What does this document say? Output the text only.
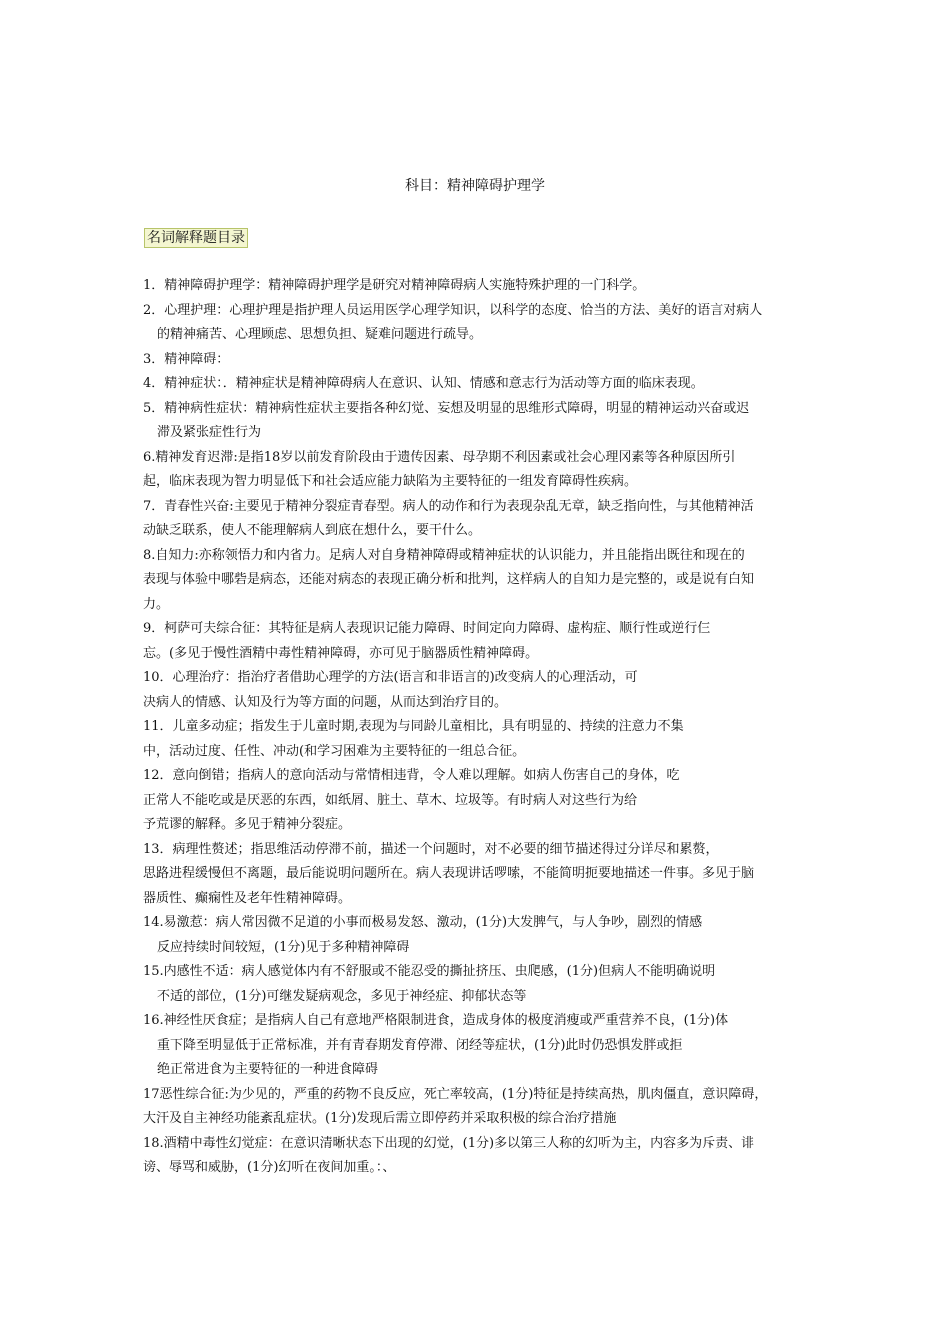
科目：精神障碍护理学
名词解释题目录
1．精神障碍护理学：精神障碍护理学是研究对精神障碍病人实施特殊护理的一门科学。
2．心理护理：心理护理是指护理人员运用医学心理学知识，以科学的态度、恰当的方法、美好的语言对病人
的精神痛苦、心理顾虑、思想负担、疑难问题进行疏导。
3．精神障碍：
4．精神症状：．精神症状是精神障碍病人在意识、认知、情感和意志行为活动等方面的临床表现。
5．精神病性症状：精神病性症状主要指各种幻觉、妄想及明显的思维形式障碍，明显的精神运动兴奋或迟
滞及紧张症性行为
6.精神发育迟滞:是指18岁以前发育阶段由于遗传因素、母孕期不利因素或社会心理冈素等各种原因所引
起，临床表现为智力明显低下和社会适应能力缺陷为主要特征的一组发育障碍性疾病。
7．青春性兴奋:主要见于精神分裂症青春型。病人的动作和行为表现杂乱无章，缺乏指向性，与其他精神活
动缺乏联系，使人不能理解病人到底在想什么，要干什么。
8.自知力:亦称领悟力和内省力。足病人对自身精神障碍或精神症状的认识能力，并且能指出既往和现在的
表现与体验中哪砦是病态，还能对病态的表现正确分析和批判，这样病人的自知力是完整的，或是说有白知
力。
9．柯萨可夫综合征：其特征是病人表现识记能力障碍、时间定向力障碍、虚构症、顺行性或逆行仨
忘。(多见于慢性酒精中毒性精神障碍，亦可见于脑器质性精神障碍。
10．心理治疗：指治疗者借助心理学的方法(语言和非语言的)改变病人的心理活动，可
决病人的情感、认知及行为等方面的问题，从而达到治疗目的。
11．儿童多动症；指发生于儿童时期,表现为与同龄儿童相比，具有明显的、持续的注意力不集
中，活动过度、任性、冲动(和学习困难为主要特征的一组总合征。
12．意向倒错；指病人的意向活动与常情相违背，令人难以理解。如病人伤害自己的身体，吃
正常人不能吃或是厌恶的东西，如纸屑、脏土、草木、垃圾等。有时病人对这些行为给
予荒谬的解释。多见于精神分裂症。
13．病理性赘述；指思维活动停滞不前，描述一个问题时，对不必要的细节描述得过分详尽和累赘，
思路进程缓慢但不离题，最后能说明问题所在。病人表现讲话啰嗦，不能简明扼要地描述一件事。多见于脑
器质性、癫痫性及老年性精神障碍。
14.易激惹：病人常因微不足道的小事而极易发怒、激动，(1分)大发脾气，与人争吵，剧烈的情感
反应持续时间较短，(1分)见于多种精神障碍
15.内感性不适：病人感觉体内有不舒服或不能忍受的撕扯挤压、虫爬感，(1分)但病人不能明确说明
不适的部位，(1分)可继发疑病观念，多见于神经症、抑郁状态等
16.神经性厌食症；是指病人自己有意地严格限制进食，造成身体的极度消瘦或严重营养不良，(1分)体
重下降至明显低于正常标准，并有青春期发育停滞、闭经等症状，(1分)此时仍恐惧发胖或拒
绝正常进食为主要特征的一种进食障碍
17恶性综合征:为少见的，严重的药物不良反应，死亡率较高，(1分)特征是持续高热，肌肉僵直，意识障碍，
大汗及自主神经功能紊乱症状。(1分)发现后需立即停药并采取积极的综合治疗措施
18.酒精中毒性幻觉症：在意识清晰状态下出现的幻觉，(1分)多以第三人称的幻听为主，内容多为斥责、诽
谤、辱骂和威胁，(1分)幻听在夜间加重。：、
